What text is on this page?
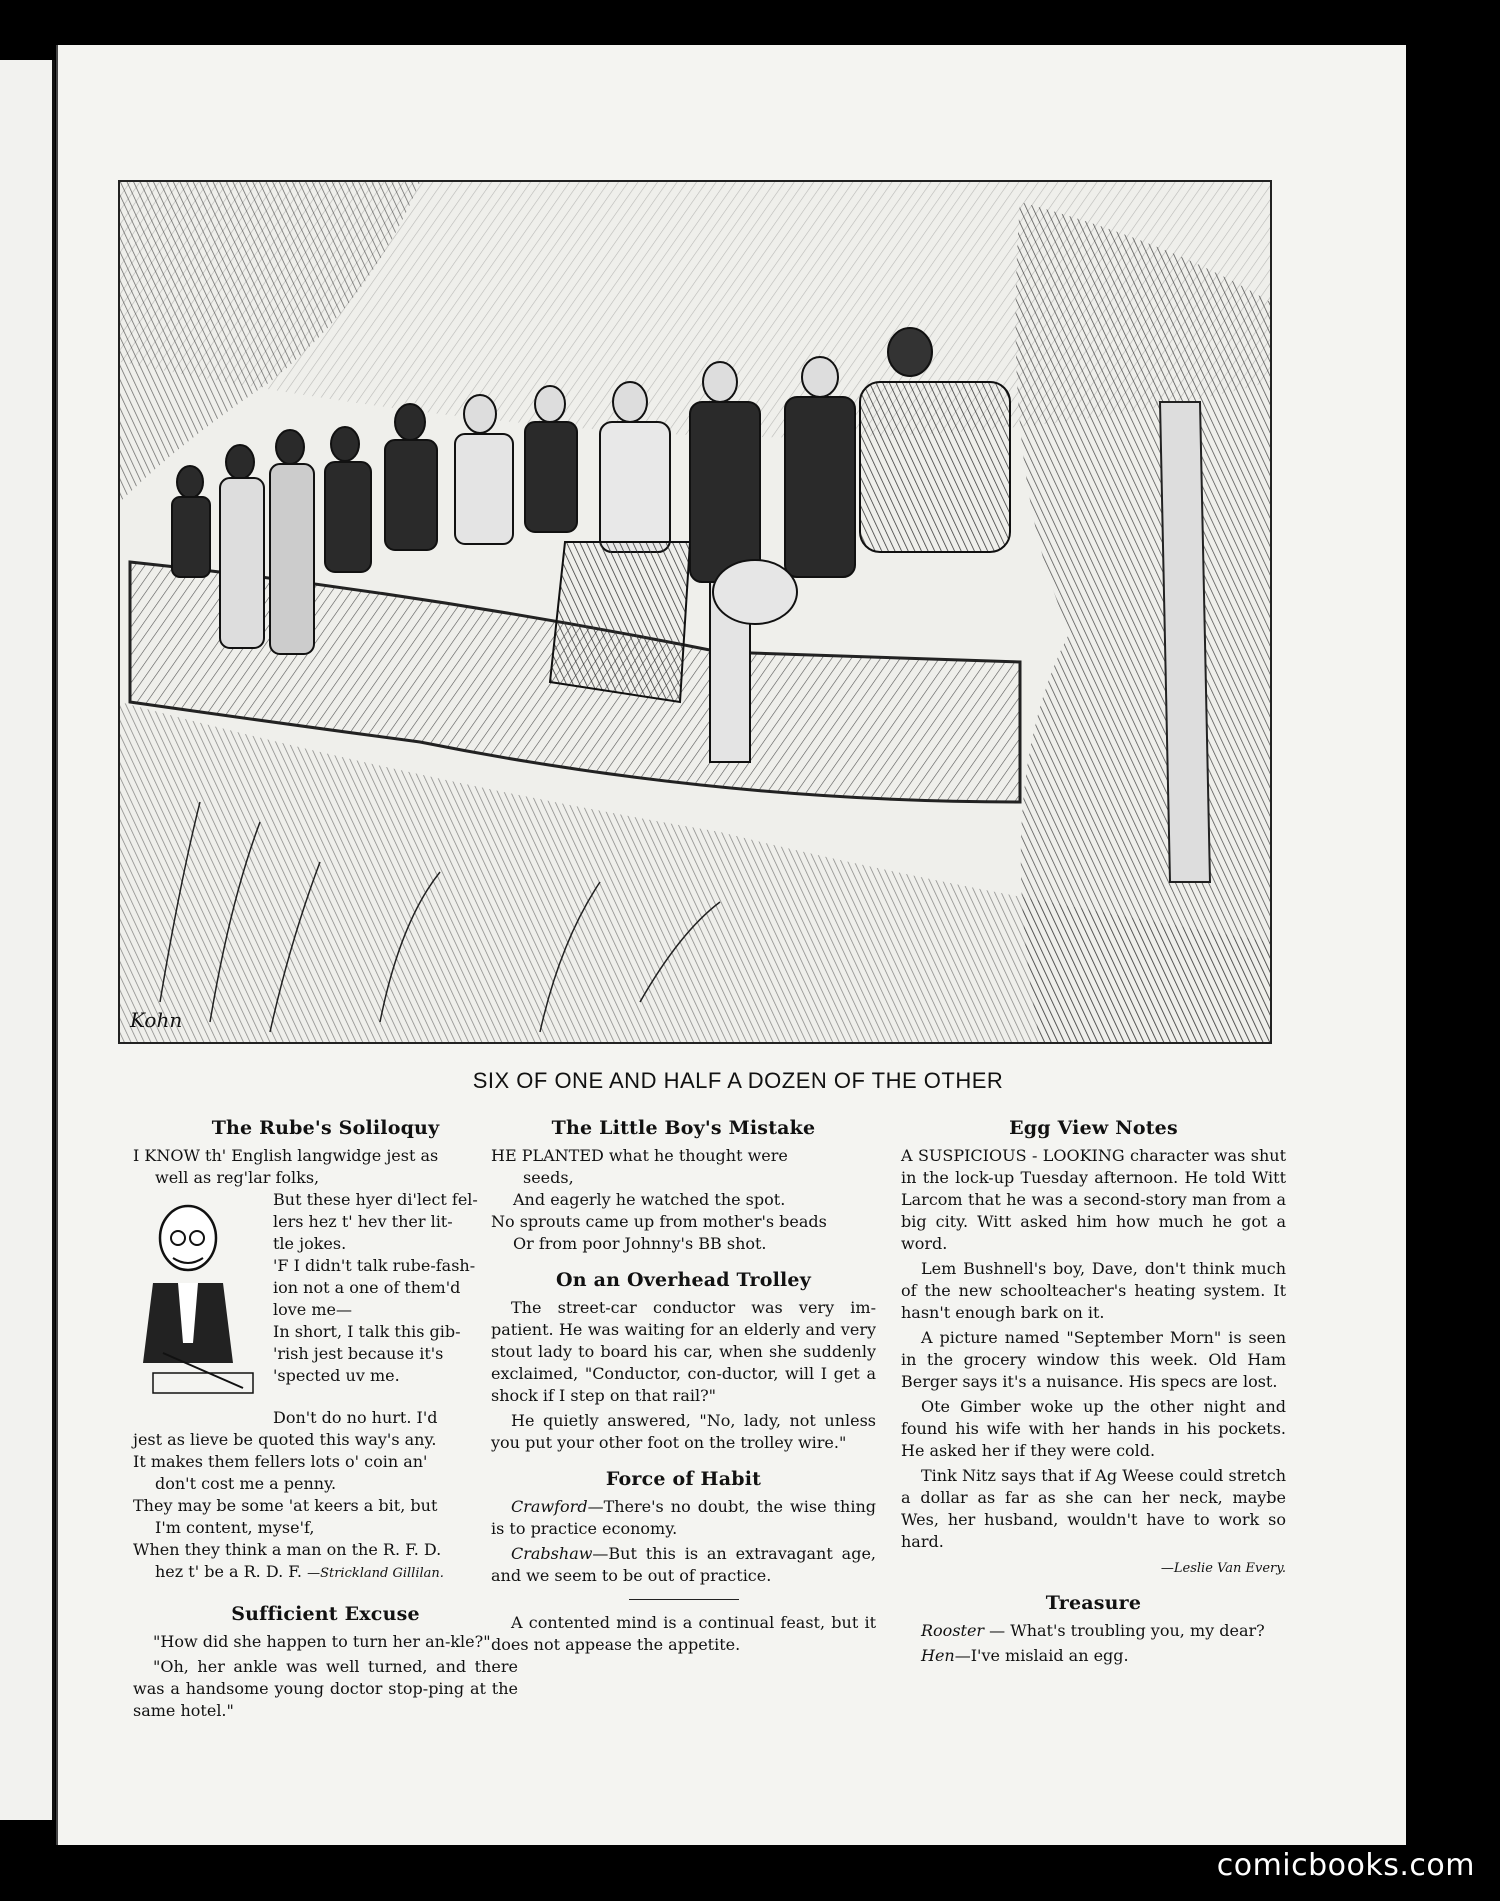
Kohn
SIX OF ONE AND HALF A DOZEN OF THE OTHER
The Rube's Soliloquy

I KNOW th' English langwidge jest as

well as reg'lar folks,

But these hyer di'lect fel-

lers hez t' hev ther lit-

tle jokes.

'F I didn't talk rube-fash-

ion not a one of them'd

love me—

In short, I talk this gib-

'rish jest because it's

'spected uv me.

Don't do no hurt. I'd

jest as lieve be quoted this way's any.

It makes them fellers lots o' coin an'

don't cost me a penny.

They may be some 'at keers a bit, but

I'm content, myse'f,

When they think a man on the R. F. D.

hez t' be a R. D. F. —Strickland Gillilan.

Sufficient Excuse

"How did she happen to turn her an-kle?"

"Oh, her ankle was well turned, and there was a handsome young doctor stop-ping at the same hotel."

The Little Boy's Mistake

HE PLANTED what he thought were

seeds,

And eagerly he watched the spot.

No sprouts came up from mother's beads

Or from poor Johnny's BB shot.

On an Overhead Trolley

The street-car conductor was very im-patient. He was waiting for an elderly and very stout lady to board his car, when she suddenly exclaimed, "Conductor, con-ductor, will I get a shock if I step on that rail?"

He quietly answered, "No, lady, not unless you put your other foot on the trolley wire."

Force of Habit

Crawford—There's no doubt, the wise thing is to practice economy.

Crabshaw—But this is an extravagant age, and we seem to be out of practice.

A contented mind is a continual feast, but it does not appease the appetite.

Egg View Notes

A SUSPICIOUS - LOOKING character was shut in the lock-up Tuesday afternoon. He told Witt Larcom that he was a second-story man from a big city. Witt asked him how much he got a word.

Lem Bushnell's boy, Dave, don't think much of the new schoolteacher's heating system. It hasn't enough bark on it.

A picture named "September Morn" is seen in the grocery window this week. Old Ham Berger says it's a nuisance. His specs are lost.

Ote Gimber woke up the other night and found his wife with her hands in his pockets. He asked her if they were cold.

Tink Nitz says that if Ag Weese could stretch a dollar as far as she can her neck, maybe Wes, her husband, wouldn't have to work so hard.

—Leslie Van Every.

Treasure

Rooster — What's troubling you, my dear?

Hen—I've mislaid an egg.

comicbooks.com
